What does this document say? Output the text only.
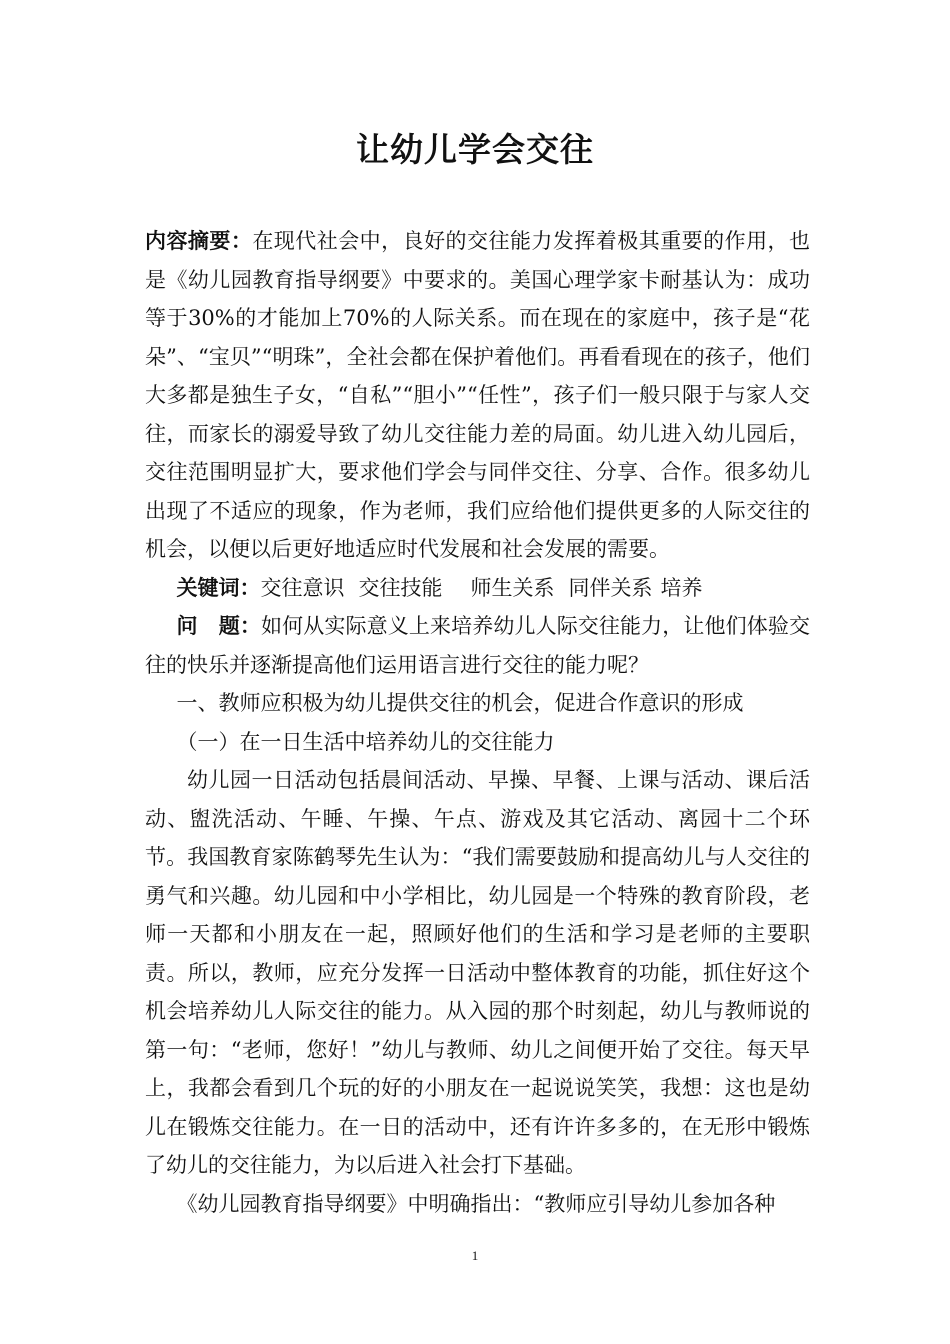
让幼儿学会交往

内容摘要：在现代社会中，良好的交往能力发挥着极其重要的作用，也是《幼儿园教育指导纲要》中要求的。美国心理学家卡耐基认为：成功等于30%的才能加上70%的人际关系。而在现在的家庭中，孩子是“花朵”、“宝贝”“明珠”，全社会都在保护着他们。再看看现在的孩子，他们大多都是独生子女，“自私”“胆小”“任性”，孩子们一般只限于与家人交往，而家长的溺爱导致了幼儿交往能力差的局面。幼儿进入幼儿园后，交往范围明显扩大，要求他们学会与同伴交往、分享、合作。很多幼儿出现了不适应的现象，作为老师，我们应给他们提供更多的人际交往的机会，以便以后更好地适应时代发展和社会发展的需要。

关键词：交往意识 交往技能 师生关系 同伴关系 培养

问　题：如何从实际意义上来培养幼儿人际交往能力，让他们体验交往的快乐并逐渐提高他们运用语言进行交往的能力呢？

一、教师应积极为幼儿提供交往的机会，促进合作意识的形成

（一）在一日生活中培养幼儿的交往能力

幼儿园一日活动包括晨间活动、早操、早餐、上课与活动、课后活动、盥洗活动、午睡、午操、午点、游戏及其它活动、离园十二个环节。我国教育家陈鹤琴先生认为：“我们需要鼓励和提高幼儿与人交往的勇气和兴趣。幼儿园和中小学相比，幼儿园是一个特殊的教育阶段，老师一天都和小朋友在一起，照顾好他们的生活和学习是老师的主要职责。所以，教师，应充分发挥一日活动中整体教育的功能，抓住好这个机会培养幼儿人际交往的能力。从入园的那个时刻起，幼儿与教师说的第一句：“老师，您好！”幼儿与教师、幼儿之间便开始了交往。每天早上，我都会看到几个玩的好的小朋友在一起说说笑笑，我想：这也是幼儿在锻炼交往能力。在一日的活动中，还有许许多多的，在无形中锻炼了幼儿的交往能力，为以后进入社会打下基础。

《幼儿园教育指导纲要》中明确指出：“教师应引导幼儿参加各种

1
